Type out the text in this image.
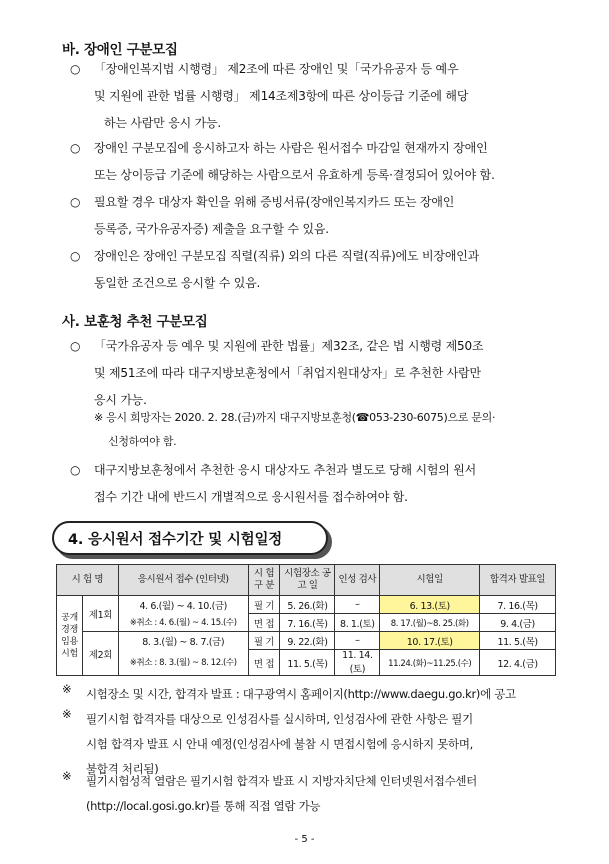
바. 장애인 구분모집
○ 「장애인복지법 시행령」 제2조에 따른 장애인 및「국가유공자 등 예우
및 지원에 관한 법률 시행령」 제14조제3항에 따른 상이등급 기준에 해당
하는 사람만 응시 가능.
○ 장애인 구분모집에 응시하고자 하는 사람은 원서접수 마감일 현재까지 장애인
또는 상이등급 기준에 해당하는 사람으로서 유효하게 등록·결정되어 있어야 함.
○ 필요할 경우 대상자 확인을 위해 증빙서류(장애인복지카드 또는 장애인
등록증, 국가유공자증) 제출을 요구할 수 있음.
○ 장애인은 장애인 구분모집 직렬(직류) 외의 다른 직렬(직류)에도 비장애인과
동일한 조건으로 응시할 수 있음.
사. 보훈청 추천 구분모집
○ 「국가유공자 등 예우 및 지원에 관한 법률」제32조, 같은 법 시행령 제50조
및 제51조에 따라 대구지방보훈청에서「취업지원대상자」로 추천한 사람만
응시 가능.
※ 응시 희망자는 2020. 2. 28.(금)까지 대구지방보훈청(☎053-230-6075)으로 문의·
신청하여야 함.
○ 대구지방보훈청에서 추천한 응시 대상자도 추천과 별도로 당해 시험의 원서
접수 기간 내에 반드시 개별적으로 응시원서를 접수하여야 함.
4. 응시원서 접수기간 및 시험일정
시 험 명		응시원서 접수 (인터넷)	시 험 구 분	시험장소 공 고 일	인성 검사	시험일	합격자 발표일
공개 경쟁 임용 시험	제1회	4. 6.(월) ~ 4. 10.(금)	필 기	5. 26.(화)	–	6. 13.(토)	7. 16.(목)
		※취소 : 4. 6.(월) ~ 4. 15.(수)	면 접	7. 16.(목)	8. 1.(토)	8. 17.(월)~8. 25.(화)	9. 4.(금)
	제2회	8. 3.(월) ~ 8. 7.(금)	필 기	9. 22.(화)	–	10. 17.(토)	11. 5.(목)
		※취소 : 8. 3.(월) ~ 8. 12.(수)	면 접	11. 5.(목)	11. 14.(토)	11.24.(화)~11.25.(수)	12. 4.(금)
※ 시험장소 및 시간, 합격자 발표 : 대구광역시 홈페이지(http://www.daegu.go.kr)에 공고
※ 필기시험 합격자를 대상으로 인성검사를 실시하며, 인성검사에 관한 사항은 필기
시험 합격자 발표 시 안내 예정(인성검사에 불참 시 면접시험에 응시하지 못하며,
불합격 처리됨)
※ 필기시험성적 열람은 필기시험 합격자 발표 시 지방자치단체 인터넷원서접수센터
(http://local.gosi.go.kr)를 통해 직접 열람 가능
- 5 -
